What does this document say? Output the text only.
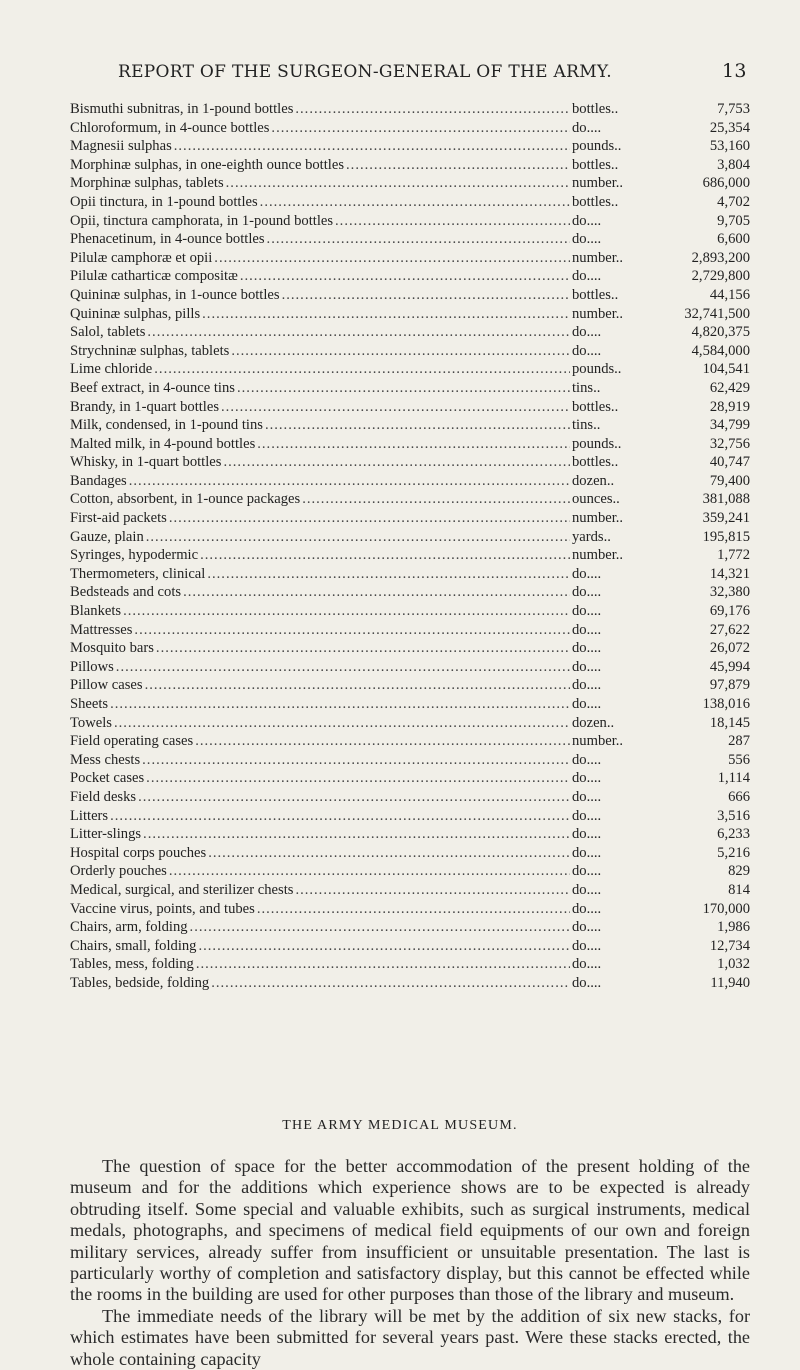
REPORT OF THE SURGEON-GENERAL OF THE ARMY.	13
Bismuthi subnitras, in 1-pound bottles .....	bottles..	7,753
Chloroformum, in 4-ounce bottles .....	do....	25,354
Magnesii sulphas .....	pounds..	53,160
Morphinæ sulphas, in one-eighth ounce bottles .....	bottles..	3,804
Morphinæ sulphas, tablets .....	number..	686,000
Opii tinctura, in 1-pound bottles .....	bottles..	4,702
Opii, tinctura camphorata, in 1-pound bottles .....	do....	9,705
Phenacetinum, in 4-ounce bottles .....	do....	6,600
Pilulæ camphoræ et opii .....	number..	2,893,200
Pilulæ catharticæ compositæ .....	do....	2,729,800
Quininæ sulphas, in 1-ounce bottles .....	bottles..	44,156
Quininæ sulphas, pills .....	number..	32,741,500
Salol, tablets .....	do....	4,820,375
Strychninæ sulphas, tablets .....	do....	4,584,000
Lime chloride .....	pounds..	104,541
Beef extract, in 4-ounce tins .....	tins..	62,429
Brandy, in 1-quart bottles .....	bottles..	28,919
Milk, condensed, in 1-pound tins .....	tins..	34,799
Malted milk, in 4-pound bottles .....	pounds..	32,756
Whisky, in 1-quart bottles .....	bottles..	40,747
Bandages .....	dozen..	79,400
Cotton, absorbent, in 1-ounce packages .....	ounces..	381,088
First-aid packets .....	number..	359,241
Gauze, plain .....	yards..	195,815
Syringes, hypodermic .....	number..	1,772
Thermometers, clinical .....	do....	14,321
Bedsteads and cots .....	do....	32,380
Blankets .....	do....	69,176
Mattresses .....	do....	27,622
Mosquito bars .....	do....	26,072
Pillows .....	do....	45,994
Pillow cases .....	do....	97,879
Sheets .....	do....	138,016
Towels .....	dozen..	18,145
Field operating cases .....	number..	287
Mess chests .....	do....	556
Pocket cases .....	do....	1,114
Field desks .....	do....	666
Litters .....	do....	3,516
Litter-slings .....	do....	6,233
Hospital corps pouches .....	do....	5,216
Orderly pouches .....	do....	829
Medical, surgical, and sterilizer chests .....	do....	814
Vaccine virus, points, and tubes .....	do....	170,000
Chairs, arm, folding .....	do....	1,986
Chairs, small, folding .....	do....	12,734
Tables, mess, folding .....	do....	1,032
Tables, bedside, folding .....	do....	11,940
THE ARMY MEDICAL MUSEUM.

The question of space for the better accommodation of the present holding of the museum and for the additions which experience shows are to be expected is already obtruding itself. Some special and valuable exhibits, such as surgical instruments, medical medals, photographs, and specimens of medical field equipments of our own and foreign military services, already suffer from insufficient or unsuitable presentation. The last is particularly worthy of completion and satisfactory display, but this cannot be effected while the rooms in the building are used for other purposes than those of the library and museum.

The immediate needs of the library will be met by the addition of six new stacks, for which estimates have been submitted for several years past. Were these stacks erected, the whole containing capacity
